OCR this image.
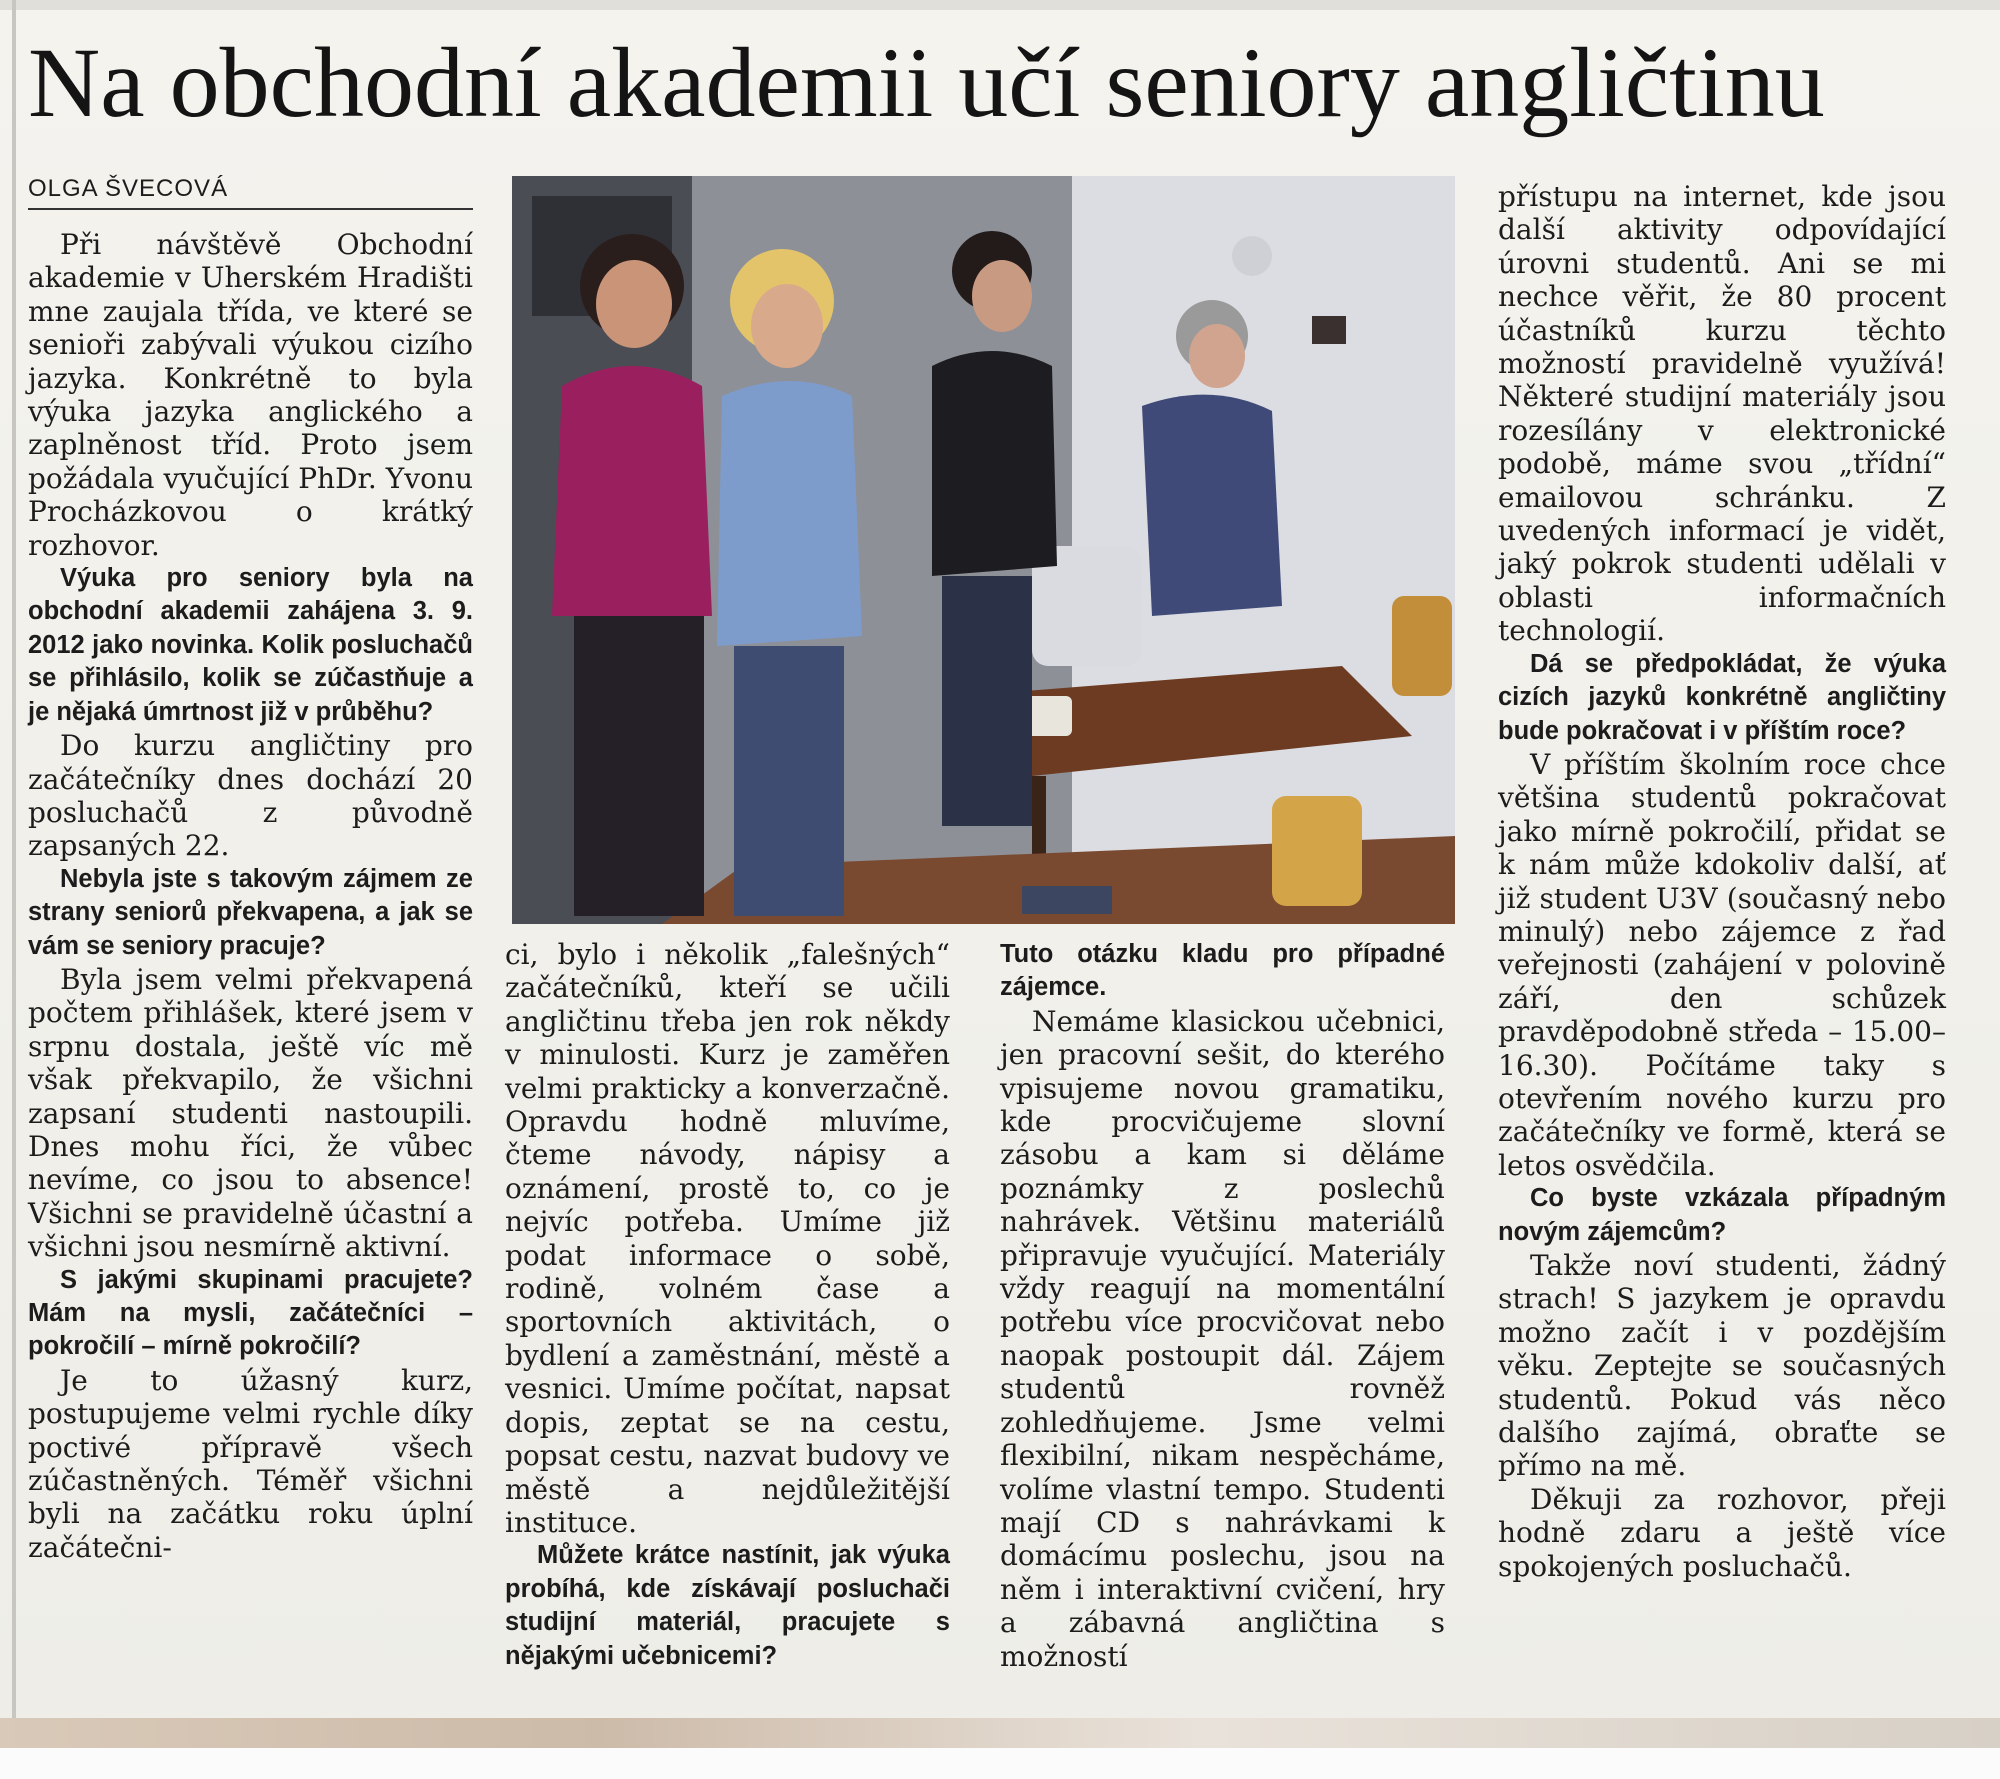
Na obchodní akademii učí seniory angličtinu
OLGA ŠVECOVÁ

Při návštěvě Obchodní akademie v Uherském Hradišti mne zaujala třída, ve které se senioři zabývali výukou cizího jazyka. Konkrétně to byla výuka jazyka anglického a zaplněnost tříd. Proto jsem požádala vyučující PhDr. Yvonu Procházkovou o krátký rozhovor.

Výuka pro seniory byla na obchodní akademii zahájena 3. 9. 2012 jako novinka. Kolik posluchačů se přihlásilo, kolik se zúčastňuje a je nějaká úmrtnost již v průběhu?

Do kurzu angličtiny pro začátečníky dnes dochází 20 posluchačů z původně zapsaných 22.

Nebyla jste s takovým zájmem ze strany seniorů překvapena, a jak se vám se seniory pracuje?

Byla jsem velmi překvapená počtem přihlášek, které jsem v srpnu dostala, ještě víc mě však překvapilo, že všichni zapsaní studenti nastoupili. Dnes mohu říci, že vůbec nevíme, co jsou to absence! Všichni se pravidelně účastní a všichni jsou nesmírně aktivní.

S jakými skupinami pracujete? Mám na mysli, začátečníci – pokročilí – mírně pokročilí?

Je to úžasný kurz, postupujeme velmi rychle díky poctivé přípravě všech zúčastněných. Téměř všichni byli na začátku roku úplní začátečni-

ci, bylo i několik „falešných“ začátečníků, kteří se učili angličtinu třeba jen rok někdy v minulosti. Kurz je zaměřen velmi prakticky a konverzačně. Opravdu hodně mluvíme, čteme návody, nápisy a oznámení, prostě to, co je nejvíc potřeba. Umíme již podat informace o sobě, rodině, volném čase a sportovních aktivitách, o bydlení a zaměstnání, městě a vesnici. Umíme počítat, napsat dopis, zeptat se na cestu, popsat cestu, nazvat budovy ve městě a nejdůležitější instituce.

Můžete krátce nastínit, jak výuka probíhá, kde získávají posluchači studijní materiál, pracujete s nějakými učebnicemi?

Tuto otázku kladu pro případné zájemce.

Nemáme klasickou učebnici, jen pracovní sešit, do kterého vpisujeme novou gramatiku, kde procvičujeme slovní zásobu a kam si děláme poznámky z poslechů nahrávek. Většinu materiálů připravuje vyučující. Materiály vždy reagují na momentální potřebu více procvičovat nebo naopak postoupit dál. Zájem studentů rovněž zohledňujeme. Jsme velmi flexibilní, nikam nespěcháme, volíme vlastní tempo. Studenti mají CD s nahrávkami k domácímu poslechu, jsou na něm i interaktivní cvičení, hry a zábavná angličtina s možností

přístupu na internet, kde jsou další aktivity odpovídající úrovni studentů. Ani se mi nechce věřit, že 80 procent účastníků kurzu těchto možností pravidelně využívá! Některé studijní materiály jsou rozesílány v elektronické podobě, máme svou „třídní“ emailovou schránku. Z uvedených informací je vidět, jaký pokrok studenti udělali v oblasti informačních technologií.

Dá se předpokládat, že výuka cizích jazyků konkrétně angličtiny bude pokračovat i v příštím roce?

V příštím školním roce chce většina studentů pokračovat jako mírně pokročilí, přidat se k nám může kdokoliv další, ať již student U3V (současný nebo minulý) nebo zájemce z řad veřejnosti (zahájení v polovině září, den schůzek pravděpodobně středa – 15.00–16.30). Počítáme taky s otevřením nového kurzu pro začátečníky ve formě, která se letos osvědčila.

Co byste vzkázala případným novým zájemcům?

Takže noví studenti, žádný strach! S jazykem je opravdu možno začít i v pozdějším věku. Zeptejte se současných studentů. Pokud vás něco dalšího zajímá, obraťte se přímo na mě.

Děkuji za rozhovor, přeji hodně zdaru a ještě více spokojených posluchačů.
